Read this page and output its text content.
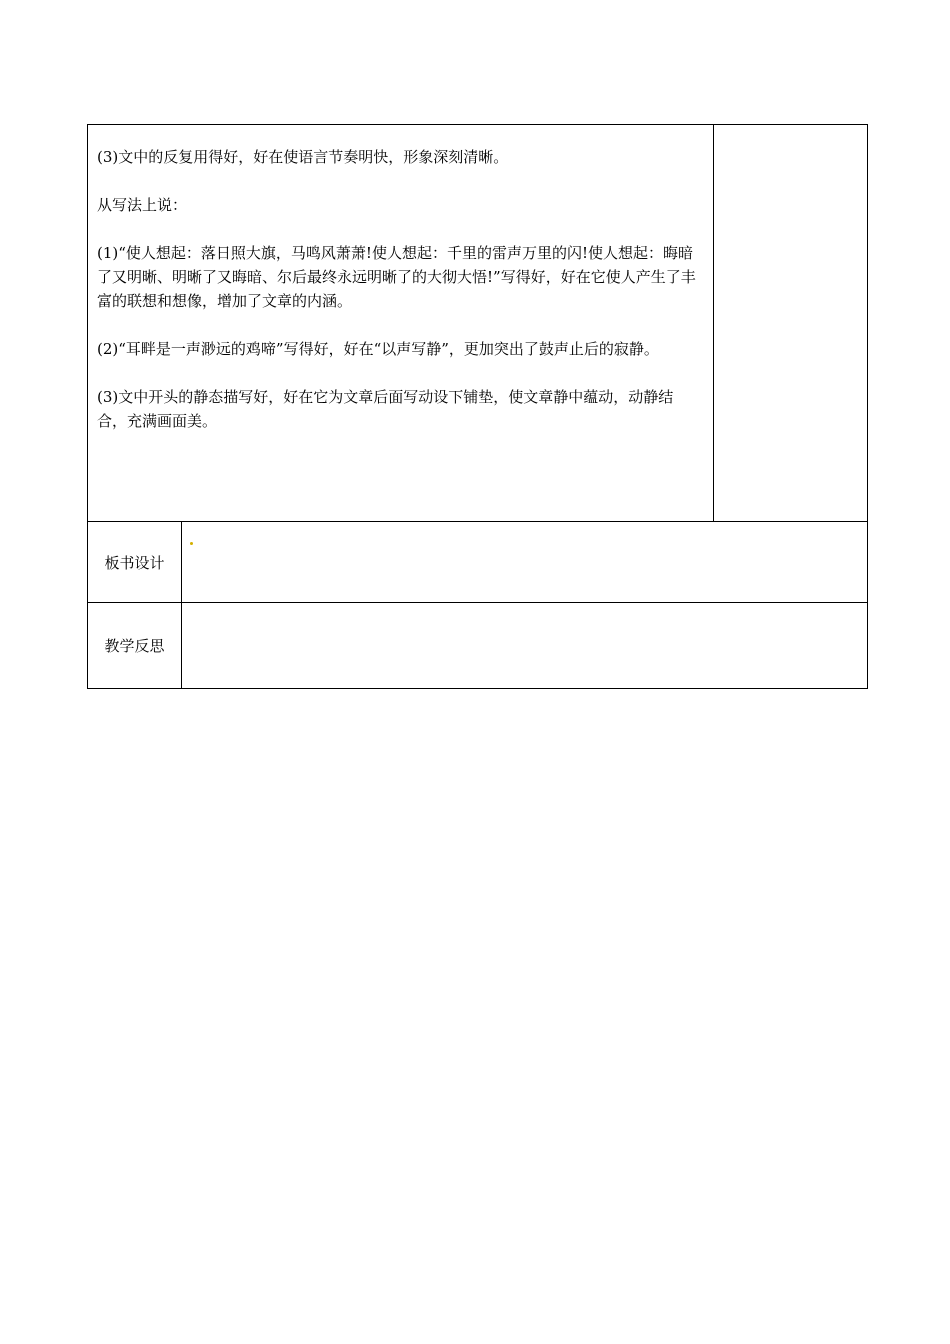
(3)文中的反复用得好，好在使语言节奏明快，形象深刻清晰。

从写法上说：

(1)“使人想起：落日照大旗，马鸣风萧萧!使人想起：千里的雷声万里的闪!使人想起：晦暗了又明晰、明晰了又晦暗、尔后最终永远明晰了的大彻大悟!”写得好，好在它使人产生了丰富的联想和想像，增加了文章的内涵。

(2)“耳畔是一声渺远的鸡啼”写得好，好在“以声写静”，更加突出了鼓声止后的寂静。

(3)文中开头的静态描写好，好在它为文章后面写动设下铺垫，使文章静中蕴动，动静结合，充满画面美。		

板书设计		

教学反思		
